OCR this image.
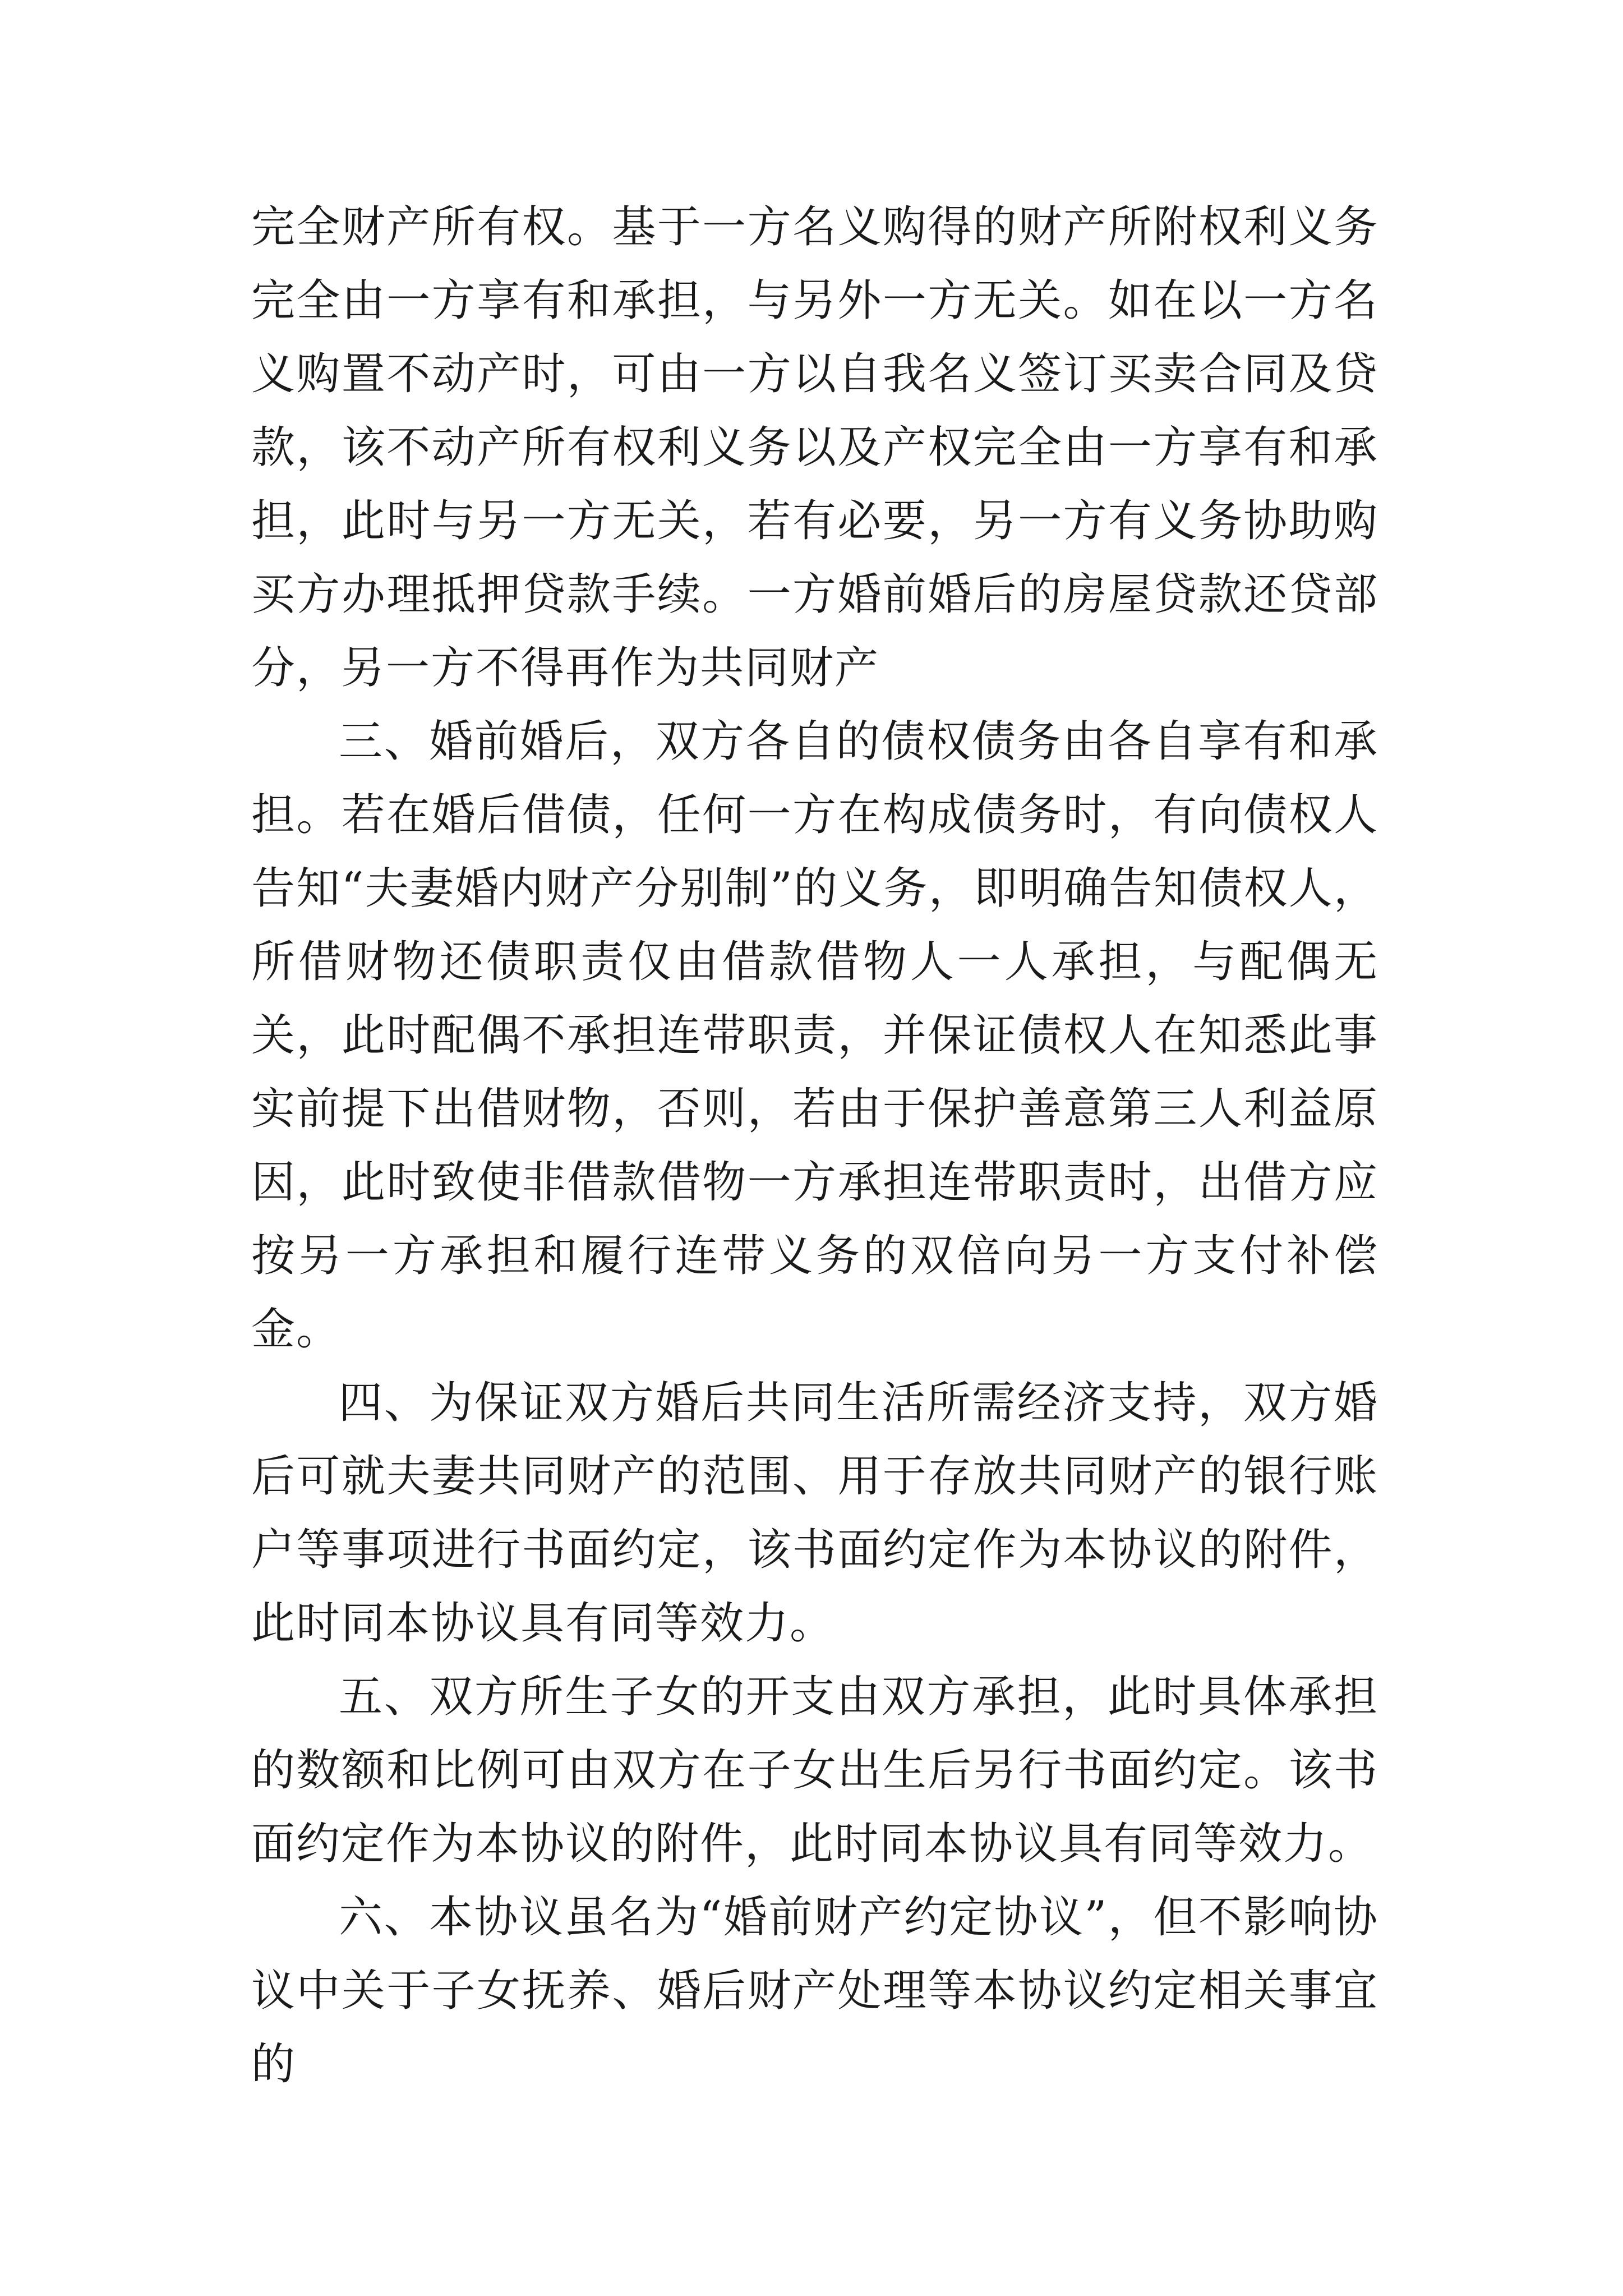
完全财产所有权。基于一方名义购得的财产所附权利义务完全由一方享有和承担，与另外一方无关。如在以一方名义购置不动产时，可由一方以自我名义签订买卖合同及贷款，该不动产所有权利义务以及产权完全由一方享有和承担，此时与另一方无关，若有必要，另一方有义务协助购买方办理抵押贷款手续。一方婚前婚后的房屋贷款还贷部分，另一方不得再作为共同财产

三、婚前婚后，双方各自的债权债务由各自享有和承担。若在婚后借债，任何一方在构成债务时，有向债权人告知“夫妻婚内财产分别制”的义务，即明确告知债权人，所借财物还债职责仅由借款借物人一人承担，与配偶无关，此时配偶不承担连带职责，并保证债权人在知悉此事实前提下出借财物，否则，若由于保护善意第三人利益原因，此时致使非借款借物一方承担连带职责时，出借方应按另一方承担和履行连带义务的双倍向另一方支付补偿金。

四、为保证双方婚后共同生活所需经济支持，双方婚后可就夫妻共同财产的范围、用于存放共同财产的银行账户等事项进行书面约定，该书面约定作为本协议的附件，此时同本协议具有同等效力。

五、双方所生子女的开支由双方承担，此时具体承担的数额和比例可由双方在子女出生后另行书面约定。该书面约定作为本协议的附件，此时同本协议具有同等效力。

六、本协议虽名为“婚前财产约定协议”，但不影响协议中关于子女抚养、婚后财产处理等本协议约定相关事宜的
